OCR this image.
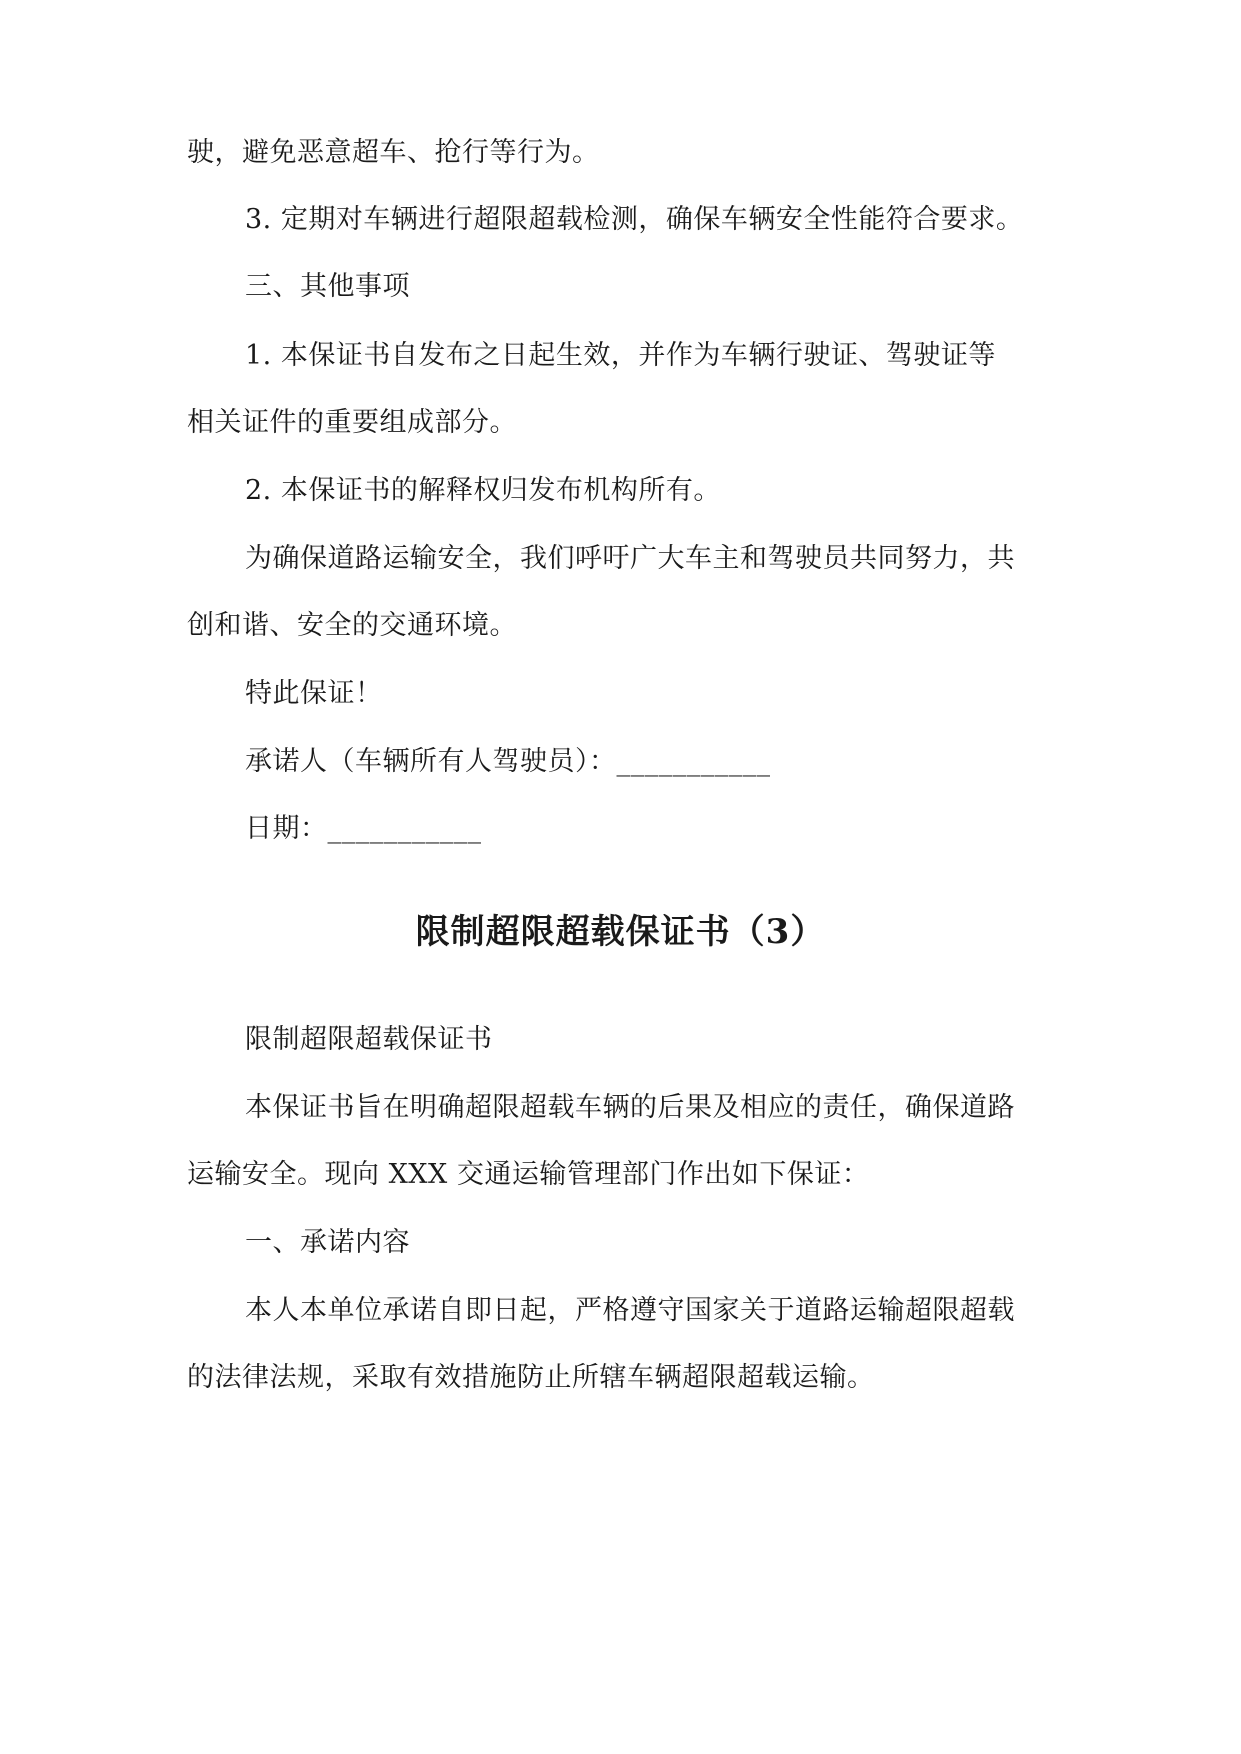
驶，避免恶意超车、抢行等行为。
3. 定期对车辆进行超限超载检测，确保车辆安全性能符合要求。
三、其他事项
1. 本保证书自发布之日起生效，并作为车辆行驶证、驾驶证等
相关证件的重要组成部分。
2. 本保证书的解释权归发布机构所有。
为确保道路运输安全，我们呼吁广大车主和驾驶员共同努力，共
创和谐、安全的交通环境。
特此保证！
承诺人（车辆所有人驾驶员）：___________
日期：___________
限制超限超载保证书（3）
限制超限超载保证书
本保证书旨在明确超限超载车辆的后果及相应的责任，确保道路
运输安全。现向 XXX 交通运输管理部门作出如下保证：
一、承诺内容
本人本单位承诺自即日起，严格遵守国家关于道路运输超限超载
的法律法规，采取有效措施防止所辖车辆超限超载运输。
